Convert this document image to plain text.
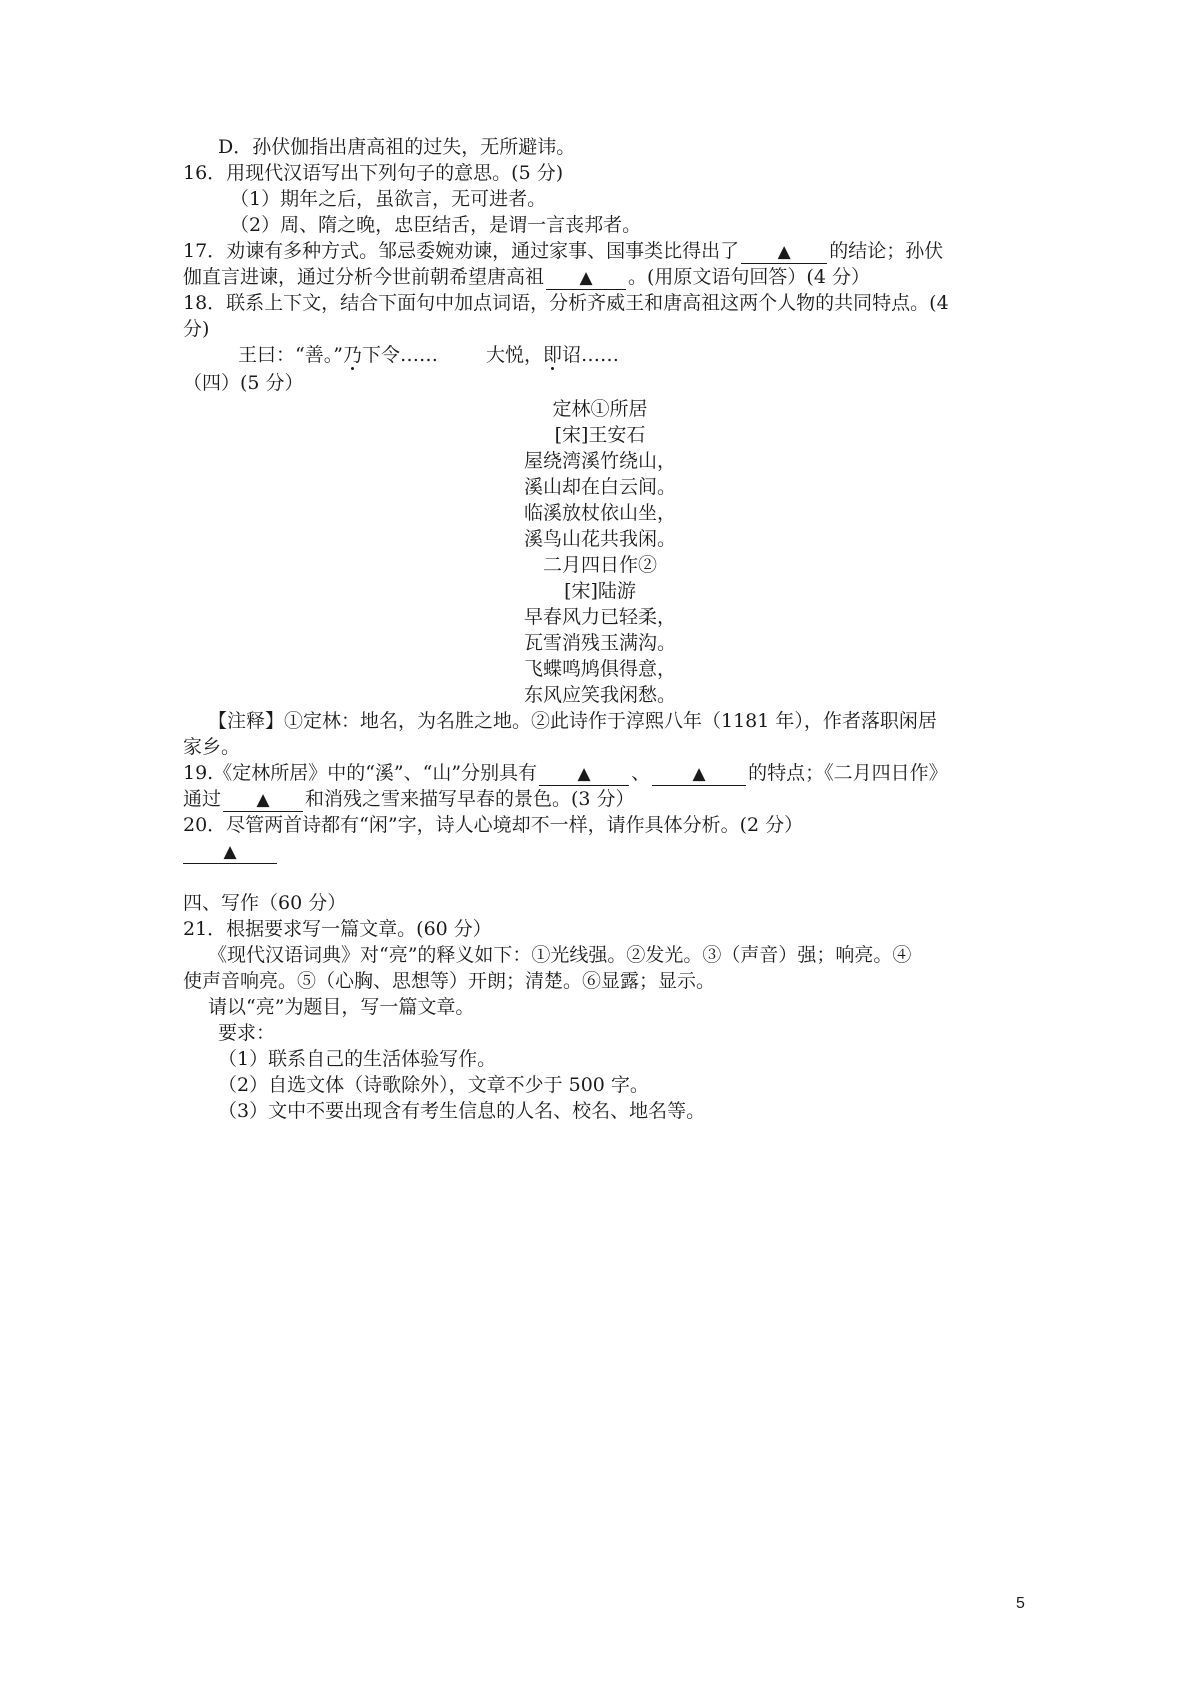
D．孙伏伽指出唐高祖的过失，无所避讳。
16．用现代汉语写出下列句子的意思。(5 分)
（1）期年之后，虽欲言，无可进者。
（2）周、隋之晚，忠臣结舌，是谓一言丧邦者。
17．劝谏有多种方式。邹忌委婉劝谏，通过家事、国事类比得出了 ▲ 的结论；孙伏
伽直言进谏，通过分析今世前朝希望唐高祖 ▲ 。(用原文语句回答）(4 分）
18．联系上下文，结合下面句中加点词语，分析齐威王和唐高祖这两个人物的共同特点。(4
分)
王曰：“善。”乃下令……	大悦，即诏……
（四）(5 分）
定林①所居
[宋]王安石
屋绕湾溪竹绕山，
溪山却在白云间。
临溪放杖依山坐，
溪鸟山花共我闲。
二月四日作②
[宋]陆游
早春风力已轻柔，
瓦雪消残玉满沟。
飞蝶鸣鸠俱得意，
东风应笑我闲愁。
【注释】①定林：地名，为名胜之地。②此诗作于淳熙八年（1181 年），作者落职闲居
家乡。
19.《定林所居》中的“溪”、“山”分别具有 ▲ 、 ▲ 的特点；《二月四日作》
通过 ▲ 和消残之雪来描写早春的景色。(3 分）
20．尽管两首诗都有“闲”字，诗人心境却不一样，请作具体分析。(2 分）
▲
四、写作（60 分）
21．根据要求写一篇文章。(60 分）
《现代汉语词典》对“亮”的释义如下：①光线强。②发光。③（声音）强；响亮。④
使声音响亮。⑤（心胸、思想等）开朗；清楚。⑥显露；显示。
请以“亮”为题目，写一篇文章。
要求：
（1）联系自己的生活体验写作。
（2）自选文体（诗歌除外），文章不少于 500 字。
（3）文中不要出现含有考生信息的人名、校名、地名等。
5
